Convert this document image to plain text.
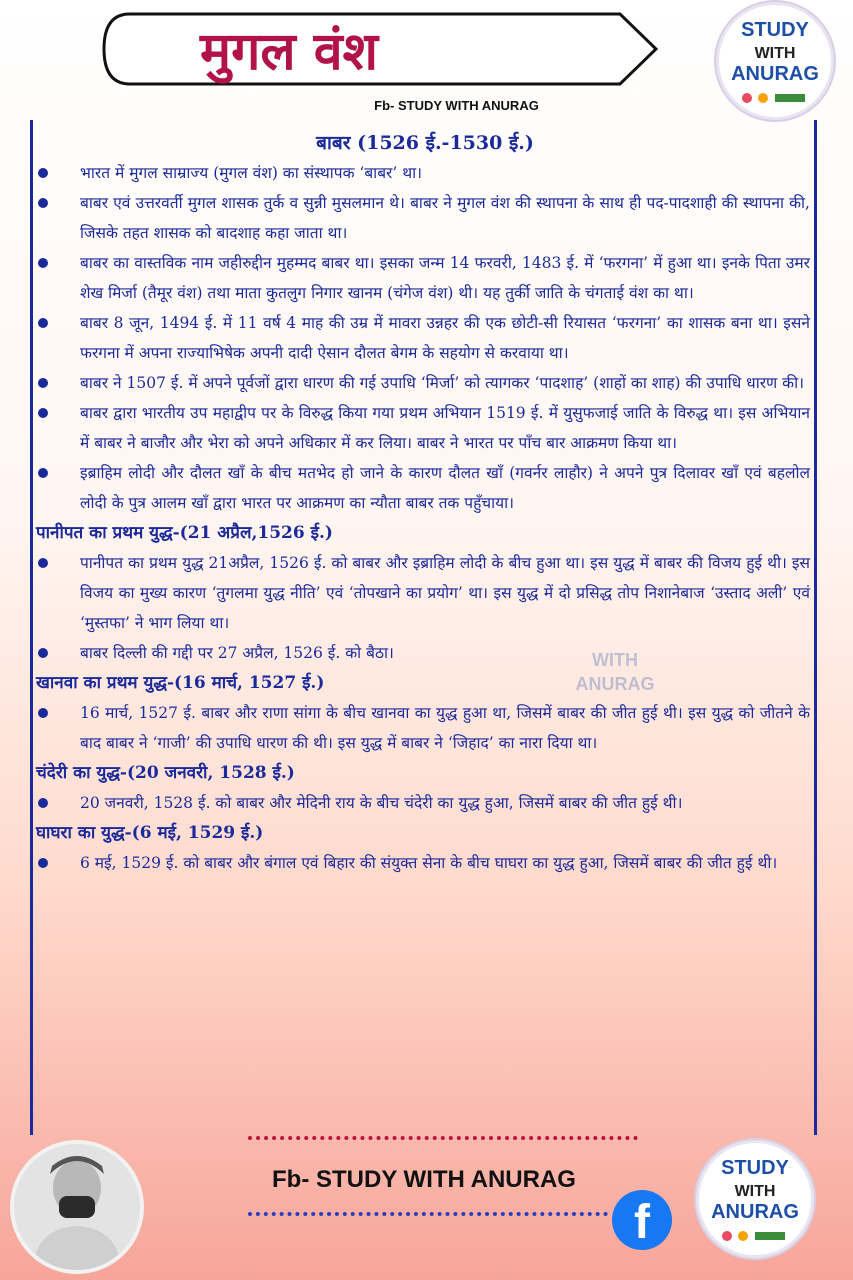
मुगल वंश	STUDY
WITH
ANURAG
Fb- STUDY WITH ANURAG
WITH
ANURAG
बाबर (1526 ई.-1530 ई.)
भारत में मुगल साम्राज्य (मुगल वंश) का संस्थापक ‘बाबर’ था।
बाबर एवं उत्तरवर्ती मुगल शासक तुर्क व सुन्नी मुसलमान थे। बाबर ने मुगल वंश की स्थापना के साथ ही पद-पादशाही की स्थापना की, जिसके तहत शासक को बादशाह कहा जाता था।
बाबर का वास्तविक नाम जहीरुद्दीन मुहम्मद बाबर था। इसका जन्म 14 फरवरी, 1483 ई. में ‘फरगना’ में हुआ था। इनके पिता उमर शेख मिर्जा (तैमूर वंश) तथा माता कुतलुग निगार खानम (चंगेज वंश) थी। यह तुर्की जाति के चंगताई वंश का था।
बाबर 8 जून, 1494 ई. में 11 वर्ष 4 माह की उम्र में मावरा उन्नहर की एक छोटी-सी रियासत ‘फरगना’ का शासक बना था। इसने फरगना में अपना राज्याभिषेक अपनी दादी ऐसान दौलत बेगम के सहयोग से करवाया था।
बाबर ने 1507 ई. में अपने पूर्वजों द्वारा धारण की गई उपाधि ‘मिर्जा’ को त्यागकर ‘पादशाह’ (शाहों का शाह) की उपाधि धारण की।
बाबर द्वारा भारतीय उप महाद्वीप पर के विरुद्ध किया गया प्रथम अभियान 1519 ई. में युसुफजाई जाति के विरुद्ध था। इस अभियान में बाबर ने बाजौर और भेरा को अपने अधिकार में कर लिया। बाबर ने भारत पर पाँच बार आक्रमण किया था।
इब्राहिम लोदी और दौलत खाँ के बीच मतभेद हो जाने के कारण दौलत खाँ (गवर्नर लाहौर) ने अपने पुत्र दिलावर खाँ एवं बहलोल लोदी के पुत्र आलम खाँ द्वारा भारत पर आक्रमण का न्यौता बाबर तक पहुँचाया।
पानीपत का प्रथम युद्ध-(21 अप्रैल,1526 ई.)
पानीपत का प्रथम युद्ध 21अप्रैल, 1526 ई. को बाबर और इब्राहिम लोदी के बीच हुआ था। इस युद्ध में बाबर की विजय हुई थी। इस विजय का मुख्य कारण ‘तुगलमा युद्ध नीति’ एवं ‘तोपखाने का प्रयोग’ था। इस युद्ध में दो प्रसिद्ध तोप निशानेबाज ‘उस्ताद अली’ एवं ‘मुस्तफा’ ने भाग लिया था।
बाबर दिल्ली की गद्दी पर 27 अप्रैल, 1526 ई. को बैठा।
खानवा का प्रथम युद्ध-(16 मार्च, 1527 ई.)
16 मार्च, 1527 ई. बाबर और राणा सांगा के बीच खानवा का युद्ध हुआ था, जिसमें बाबर की जीत हुई थी। इस युद्ध को जीतने के बाद बाबर ने ‘गाजी’ की उपाधि धारण की थी। इस युद्ध में बाबर ने ‘जिहाद’ का नारा दिया था।
चंदेरी का युद्ध-(20 जनवरी, 1528 ई.)
20 जनवरी, 1528 ई. को बाबर और मेदिनी राय के बीच चंदेरी का युद्ध हुआ, जिसमें बाबर की जीत हुई थी।
घाघरा का युद्ध-(6 मई, 1529 ई.)
6 मई, 1529 ई. को बाबर और बंगाल एवं बिहार की संयुक्त सेना के बीच घाघरा का युद्ध हुआ, जिसमें बाबर की जीत हुई थी।
Fb- STUDY WITH ANURAG
f
STUDY
WITH
ANURAG
